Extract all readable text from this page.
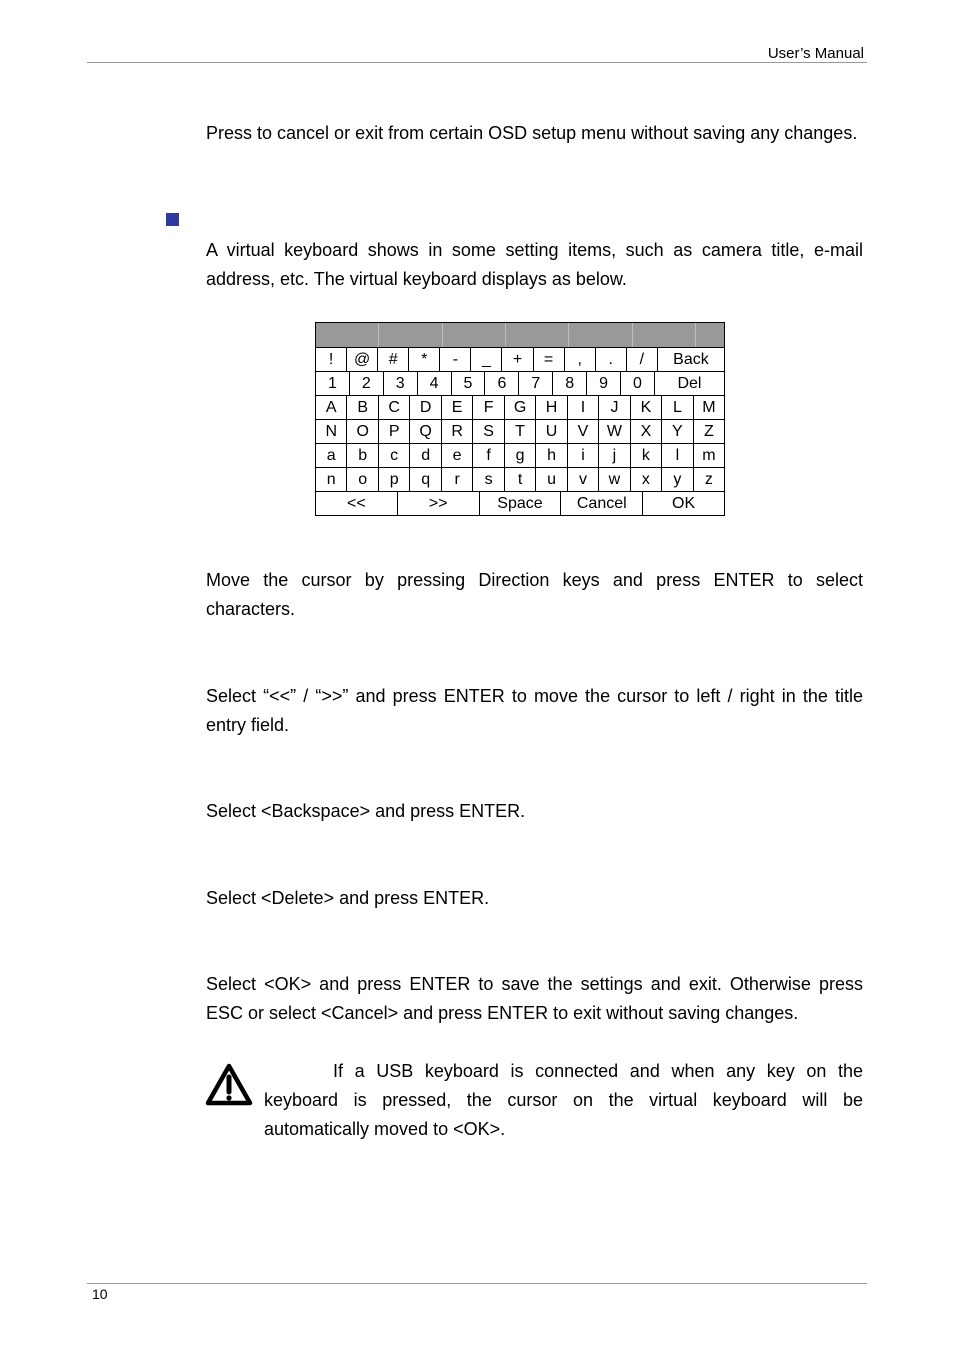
User’s Manual

Press to cancel or exit from certain OSD setup menu without saving any changes.

A virtual keyboard shows in some setting items, such as camera title, e-mail address, etc. The virtual keyboard displays as below.

!	@	#	*	-	_	+	=	,	.	/	Back
1	2	3	4	5	6	7	8	9	0	Del
A	B	C	D	E	F	G	H	I	J	K	L	M
N	O	P	Q	R	S	T	U	V	W	X	Y	Z
a	b	c	d	e	f	g	h	i	j	k	l	m
n	o	p	q	r	s	t	u	v	w	x	y	z
<<	>>	Space	Cancel	OK

Move the cursor by pressing Direction keys and press ENTER to select characters.

Select “<<” / “>>” and press ENTER to move the cursor to left / right in the title entry field.

Select <Backspace> and press ENTER.

Select <Delete> and press ENTER.

Select <OK> and press ENTER to save the settings and exit. Otherwise press ESC or select <Cancel> and press ENTER to exit without saving changes.

If a USB keyboard is connected and when any key on the keyboard is pressed, the cursor on the virtual keyboard will be automatically moved to <OK>.

10
